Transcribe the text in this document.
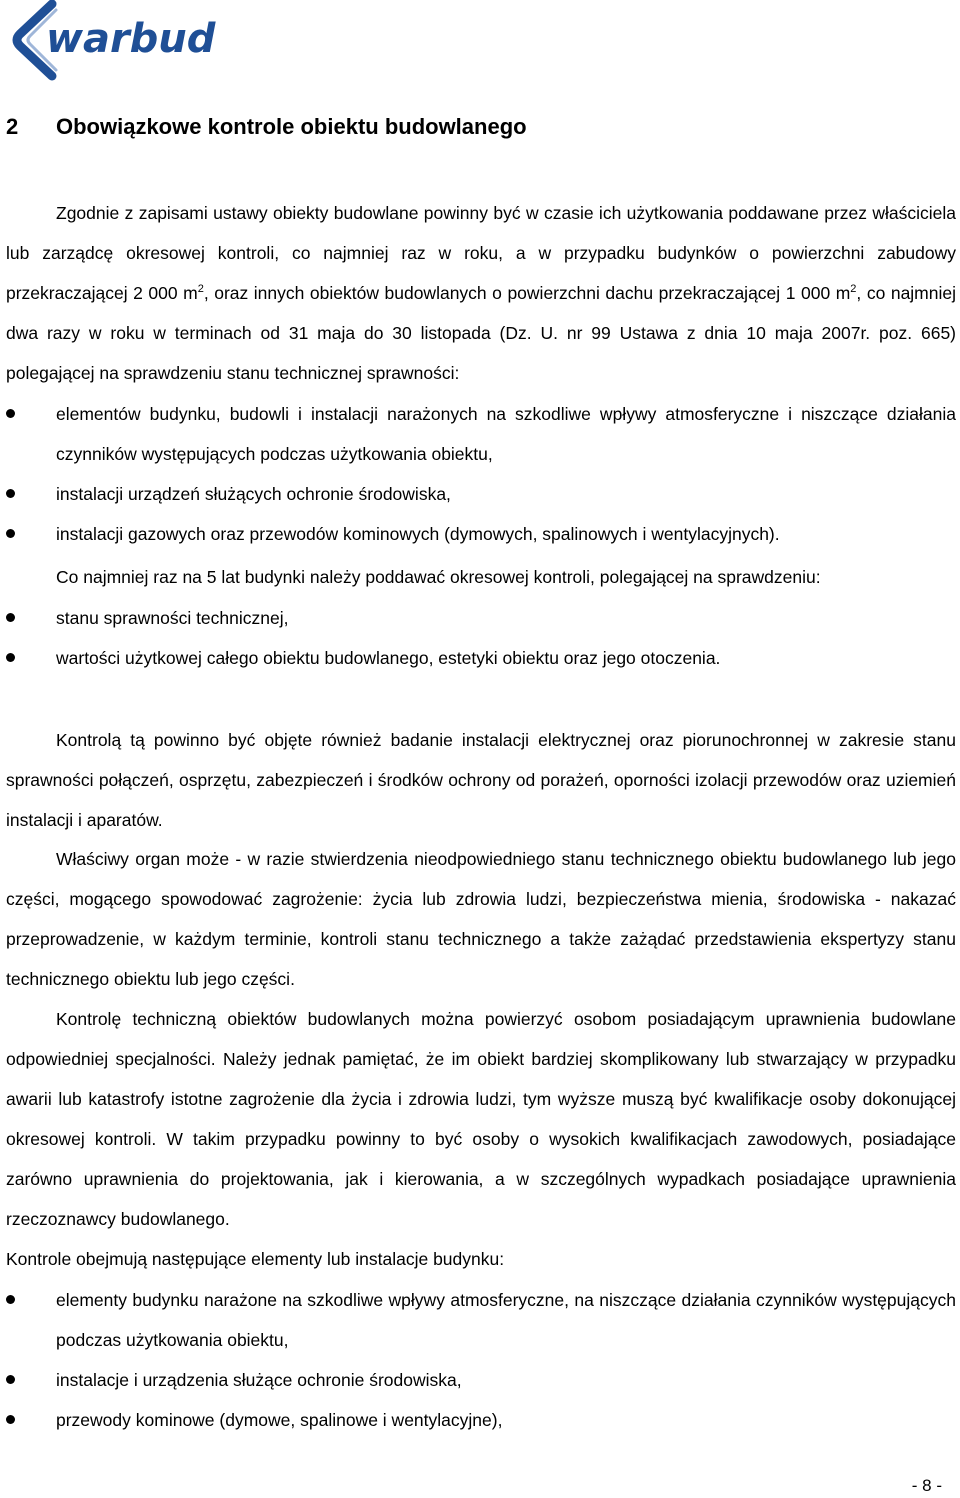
warbud
2 Obowiązkowe kontrole obiektu budowlanego

Zgodnie z zapisami ustawy obiekty budowlane powinny być w czasie ich użytkowania poddawane przez właściciela lub zarządcę okresowej kontroli, co najmniej raz w roku, a w przypadku budynków o powierzchni zabudowy przekraczającej 2 000 $m^2$, oraz innych obiektów budowlanych o powierzchni dachu przekraczającej 1 000 $m^2$, co najmniej dwa razy w roku w terminach od 31 maja do 30 listopada (Dz. U. nr 99 Ustawa z dnia 10 maja 2007r. poz. 665) polegającej na sprawdzeniu stanu technicznej sprawności:

elementów budynku, budowli i instalacji narażonych na szkodliwe wpływy atmosferyczne i niszczące działania czynników występujących podczas użytkowania obiektu,
instalacji urządzeń służących ochronie środowiska,
instalacji gazowych oraz przewodów kominowych (dymowych, spalinowych i wentylacyjnych).

Co najmniej raz na 5 lat budynki należy poddawać okresowej kontroli, polegającej na sprawdzeniu:

stanu sprawności technicznej,
wartości użytkowej całego obiektu budowlanego, estetyki obiektu oraz jego otoczenia.

Kontrolą tą powinno być objęte również badanie instalacji elektrycznej oraz piorunochronnej w zakresie stanu sprawności połączeń, osprzętu, zabezpieczeń i środków ochrony od porażeń, oporności izolacji przewodów oraz uziemień instalacji i aparatów.

Właściwy organ może - w razie stwierdzenia nieodpowiedniego stanu technicznego obiektu budowlanego lub jego części, mogącego spowodować zagrożenie: życia lub zdrowia ludzi, bezpieczeństwa mienia, środowiska - nakazać przeprowadzenie, w każdym terminie, kontroli stanu technicznego a także zażądać przedstawienia ekspertyzy stanu technicznego obiektu lub jego części.

Kontrolę techniczną obiektów budowlanych można powierzyć osobom posiadającym uprawnienia budowlane odpowiedniej specjalności. Należy jednak pamiętać, że im obiekt bardziej skomplikowany lub stwarzający w przypadku awarii lub katastrofy istotne zagrożenie dla życia i zdrowia ludzi, tym wyższe muszą być kwalifikacje osoby dokonującej okresowej kontroli. W takim przypadku powinny to być osoby o wysokich kwalifikacjach zawodowych, posiadające zarówno uprawnienia do projektowania, jak i kierowania, a w szczególnych wypadkach posiadające uprawnienia rzeczoznawcy budowlanego.

Kontrole obejmują następujące elementy lub instalacje budynku:

elementy budynku narażone na szkodliwe wpływy atmosferyczne, na niszczące działania czynników występujących podczas użytkowania obiektu,
instalacje i urządzenia służące ochronie środowiska,
przewody kominowe (dymowe, spalinowe i wentylacyjne),
- 8 -
